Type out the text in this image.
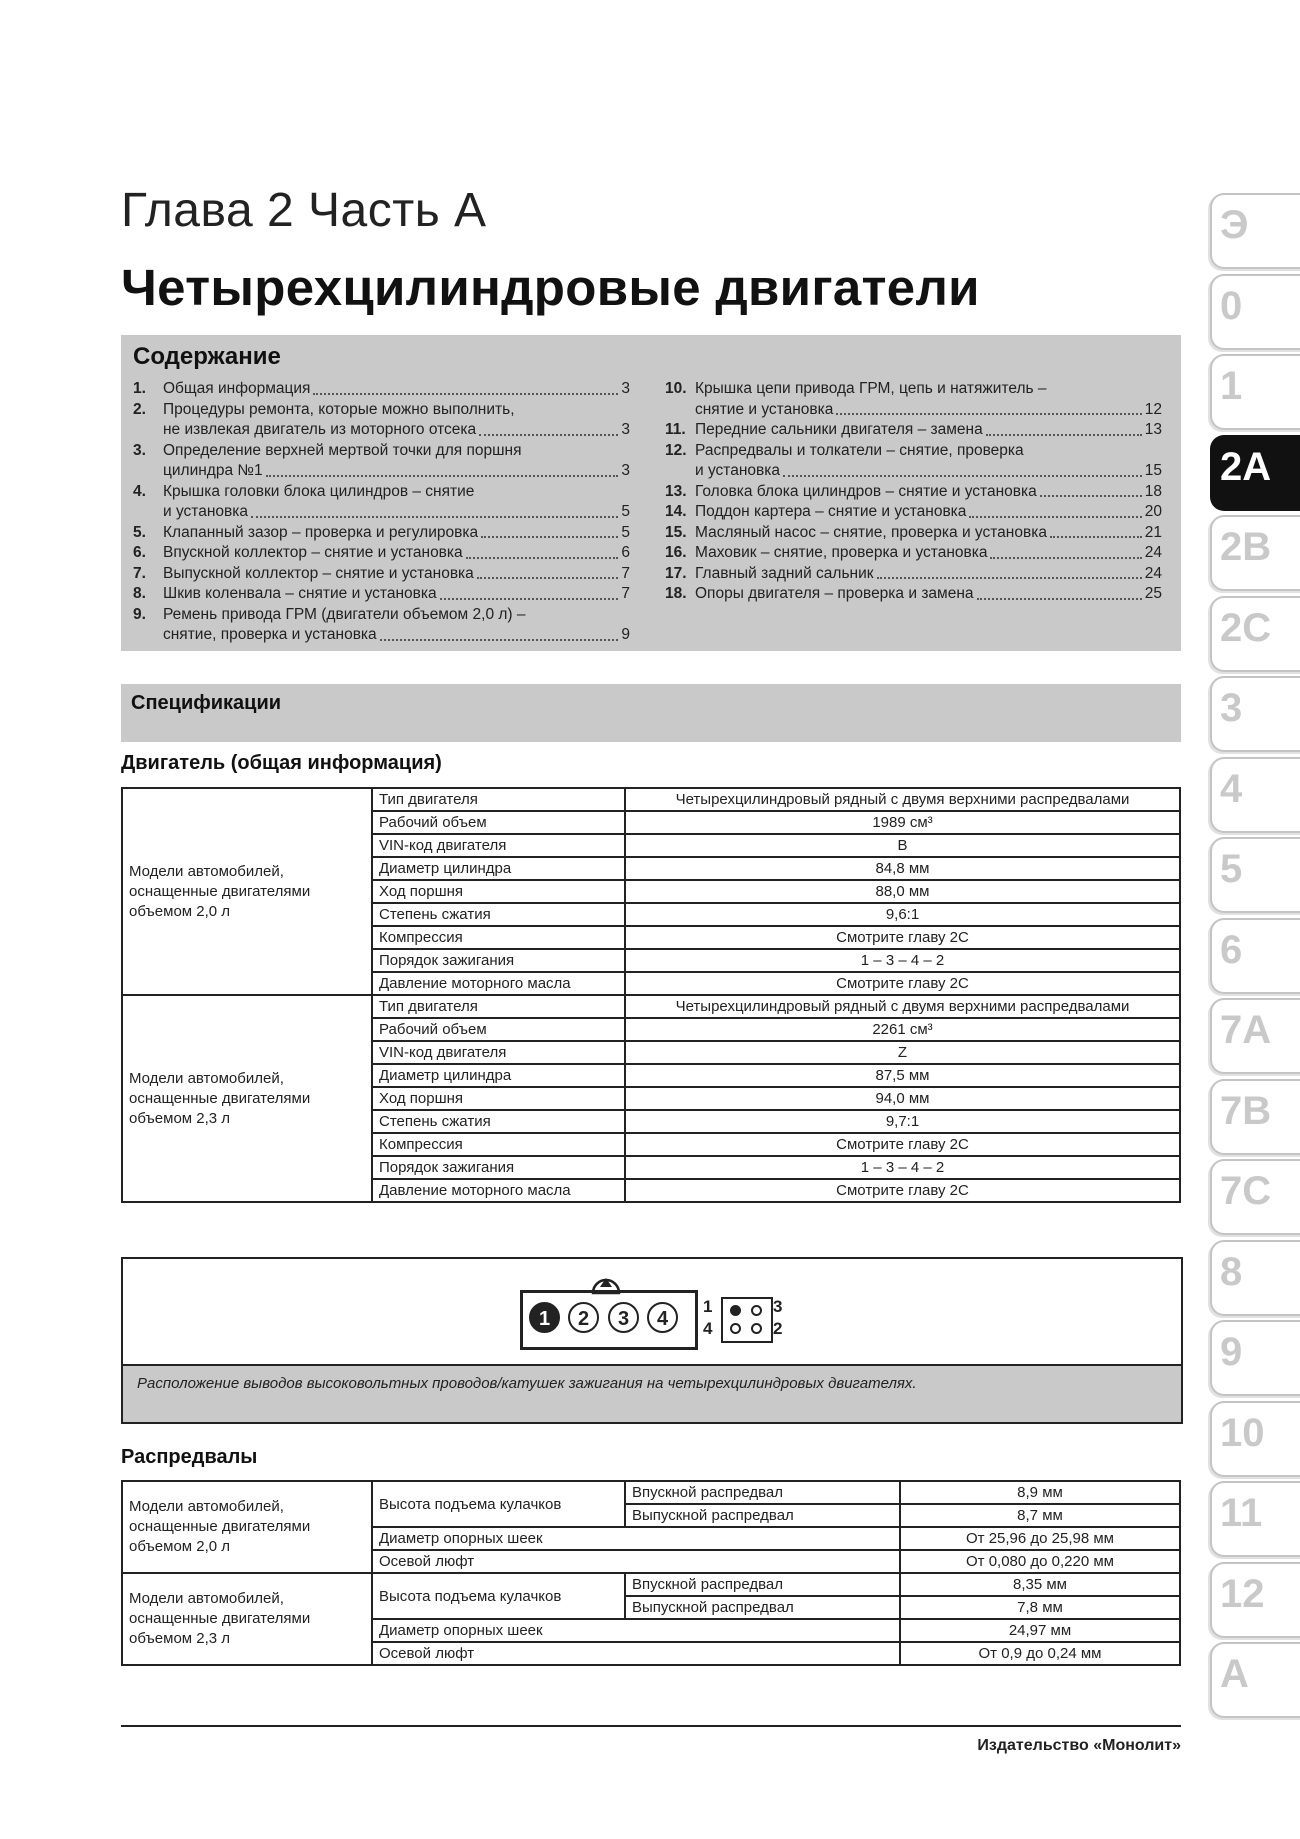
Глава 2 Часть А
Четырехцилиндровые двигатели
Содержание
1.	Общая информация	3
2.	Процедуры ремонта, которые можно выполнить,
не извлекая двигатель из моторного отсека	3
3.	Определение верхней мертвой точки для поршня
цилиндра №1	3
4.	Крышка головки блока цилиндров – снятие
и установка	5
5.	Клапанный зазор – проверка и регулировка	5
6.	Впускной коллектор – снятие и установка	6
7.	Выпускной коллектор – снятие и установка	7
8.	Шкив коленвала – снятие и установка	7
9.	Ремень привода ГРМ (двигатели объемом 2,0 л) –
снятие, проверка и установка	9
10. Крышка цепи привода ГРМ, цепь и натяжитель –
снятие и установка	12
11. Передние сальники двигателя – замена	13
12. Распредвалы и толкатели – снятие, проверка
и установка	15
13. Головка блока цилиндров – снятие и установка	18
14. Поддон картера – снятие и установка	20
15. Масляный насос – снятие, проверка и установка	21
16. Маховик – снятие, проверка и установка	24
17. Главный задний сальник	24
18. Опоры двигателя – проверка и замена	25
Спецификации
Двигатель (общая информация)
Модели автомобилей, оснащенные двигателями объемом 2,0 л	Тип двигателя	Четырехцилиндровый рядный с двумя верхними распредвалами
	Рабочий объем	1989 см³
	VIN-код двигателя	B
	Диаметр цилиндра	84,8 мм
	Ход поршня	88,0 мм
	Степень сжатия	9,6:1
	Компрессия	Смотрите главу 2С
	Порядок зажигания	1 – 3 – 4 – 2
	Давление моторного масла	Смотрите главу 2С
Модели автомобилей, оснащенные двигателями объемом 2,3 л	Тип двигателя	Четырехцилиндровый рядный с двумя верхними распредвалами
	Рабочий объем	2261 см³
	VIN-код двигателя	Z
	Диаметр цилиндра	87,5 мм
	Ход поршня	94,0 мм
	Степень сжатия	9,7:1
	Компрессия	Смотрите главу 2С
	Порядок зажигания	1 – 3 – 4 – 2
	Давление моторного масла	Смотрите главу 2С
1	2	3	4
1	3
4	2
Расположение выводов высоковольтных проводов/катушек зажигания на четырехцилиндровых двигателях.
Распредвалы
Модели автомобилей, оснащенные двигателями объемом 2,0 л	Высота подъема кулачков	Впускной распредвал	8,9 мм
		Выпускной распредвал	8,7 мм
	Диаметр опорных шеек		От 25,96 до 25,98 мм
	Осевой люфт		От 0,080 до 0,220 мм
Модели автомобилей, оснащенные двигателями объемом 2,3 л	Высота подъема кулачков	Впускной распредвал	8,35 мм
		Выпускной распредвал	7,8 мм
	Диаметр опорных шеек		24,97 мм
	Осевой люфт		От 0,9 до 0,24 мм
Э
0
1
2A
2B
2C
3
4
5
6
7A
7B
7C
8
9
10
11
12
A
Издательство «Монолит»
